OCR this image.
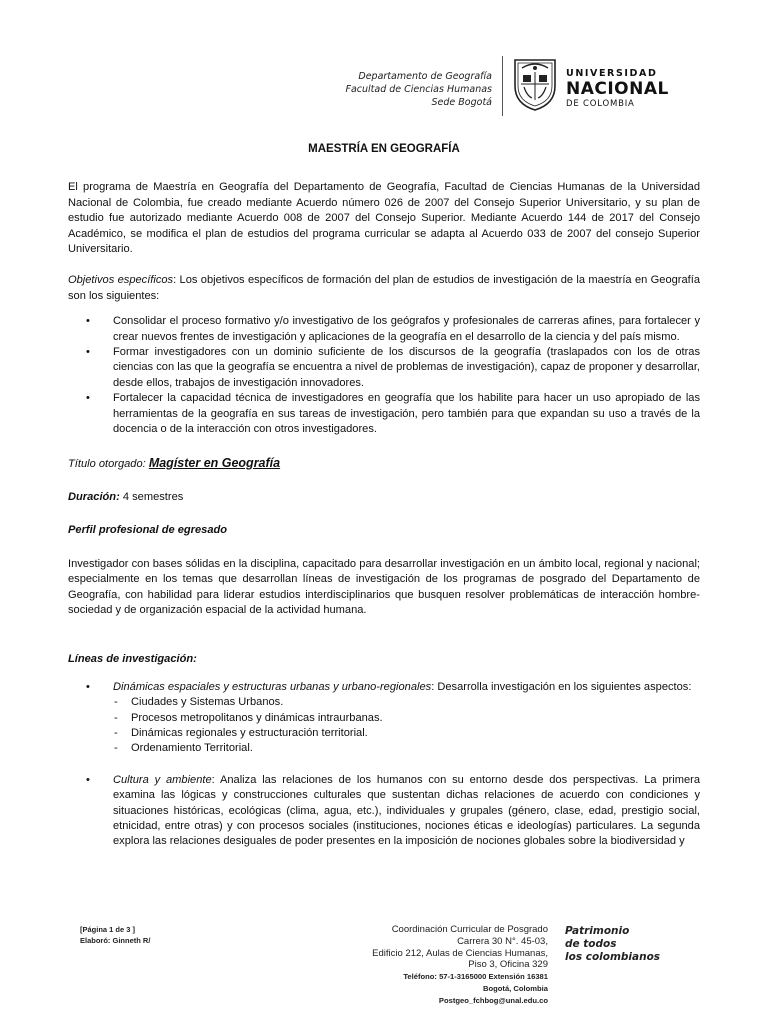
Departamento de Geografía
Facultad de Ciencias Humanas
Sede Bogotá
UNIVERSIDAD
NACIONAL
DE COLOMBIA
MAESTRÍA EN GEOGRAFÍA

El programa de Maestría en Geografía del Departamento de Geografía, Facultad de Ciencias Humanas de la Universidad Nacional de Colombia, fue creado mediante Acuerdo número 026 de 2007 del Consejo Superior Universitario, y su plan de estudio fue autorizado mediante Acuerdo 008 de 2007 del Consejo Superior. Mediante Acuerdo 144 de 2017 del Consejo Académico, se modifica el plan de estudios del programa curricular se adapta al Acuerdo 033 de 2007 del consejo Superior Universitario.

Objetivos específicos: Los objetivos específicos de formación del plan de estudios de investigación de la maestría en Geografía son los siguientes:

• Consolidar el proceso formativo y/o investigativo de los geógrafos y profesionales de carreras afines, para fortalecer y crear nuevos frentes de investigación y aplicaciones de la geografía en el desarrollo de la ciencia y del país mismo.
• Formar investigadores con un dominio suficiente de los discursos de la geografía (traslapados con los de otras ciencias con las que la geografía se encuentra a nivel de problemas de investigación), capaz de proponer y desarrollar, desde ellos, trabajos de investigación innovadores.
• Fortalecer la capacidad técnica de investigadores en geografía que los habilite para hacer un uso apropiado de las herramientas de la geografía en sus tareas de investigación, pero también para que expandan su uso a través de la docencia o de la interacción con otros investigadores.

Título otorgado: Magíster en Geografía

Duración: 4 semestres

Perfil profesional de egresado

Investigador con bases sólidas en la disciplina, capacitado para desarrollar investigación en un ámbito local, regional y nacional; especialmente en los temas que desarrollan líneas de investigación de los programas de posgrado del Departamento de Geografía, con habilidad para liderar estudios interdisciplinarios que busquen resolver problemáticas de interacción hombre-sociedad y de organización espacial de la actividad humana.

Líneas de investigación:

• Dinámicas espaciales y estructuras urbanas y urbano-regionales: Desarrolla investigación en los siguientes aspectos:
- Ciudades y Sistemas Urbanos.
- Procesos metropolitanos y dinámicas intraurbanas.
- Dinámicas regionales y estructuración territorial.
- Ordenamiento Territorial.
• Cultura y ambiente: Analiza las relaciones de los humanos con su entorno desde dos perspectivas. La primera examina las lógicas y construcciones culturales que sustentan dichas relaciones de acuerdo con condiciones y situaciones históricas, ecológicas (clima, agua, etc.), individuales y grupales (género, clase, edad, prestigio social, etnicidad, entre otras) y con procesos sociales (instituciones, nociones éticas e ideologías) particulares. La segunda explora las relaciones desiguales de poder presentes en la imposición de nociones globales sobre la biodiversidad y
[Página 1 de 3 ]
Elaboró: Ginneth R/
Coordinación Curricular de Posgrado
Carrera 30 N°. 45-03,
Edificio 212, Aulas de Ciencias Humanas,
Piso 3, Oficina 329
Teléfono: 57-1-3165000 Extensión 16381
Bogotá, Colombia
Postgeo_fchbog@unal.edu.co
Patrimonio
de todos
los colombianos
